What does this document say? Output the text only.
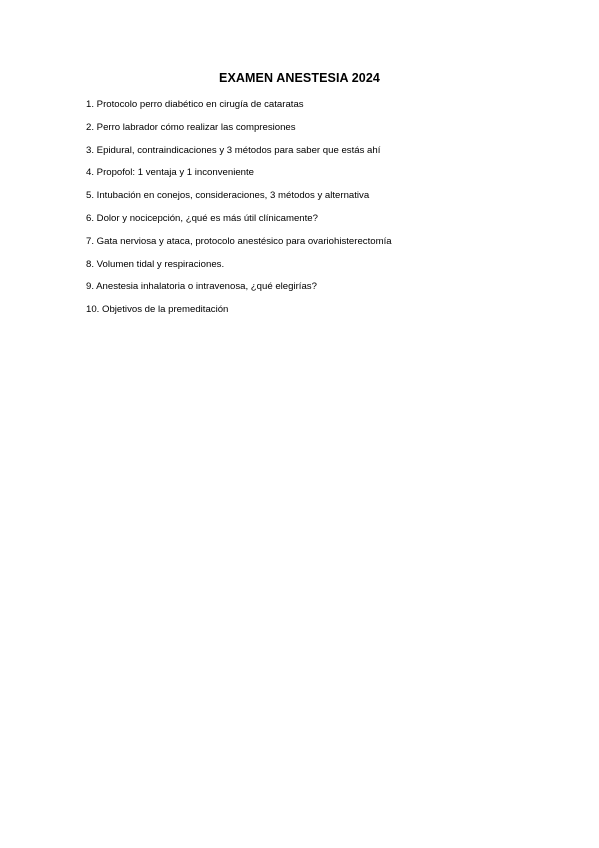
EXAMEN ANESTESIA 2024
1. Protocolo perro diabético en cirugía de cataratas
2. Perro labrador cómo realizar las compresiones
3. Epidural, contraindicaciones y 3 métodos para saber que estás ahí
4. Propofol: 1 ventaja y 1 inconveniente
5. Intubación en conejos, consideraciones, 3 métodos y alternativa
6. Dolor y nocicepción, ¿qué es más útil clínicamente?
7. Gata nerviosa y ataca, protocolo anestésico para ovariohisterectomía
8. Volumen tidal y respiraciones.
9. Anestesia inhalatoria o intravenosa, ¿qué elegirías?
10. Objetivos de la premeditación
